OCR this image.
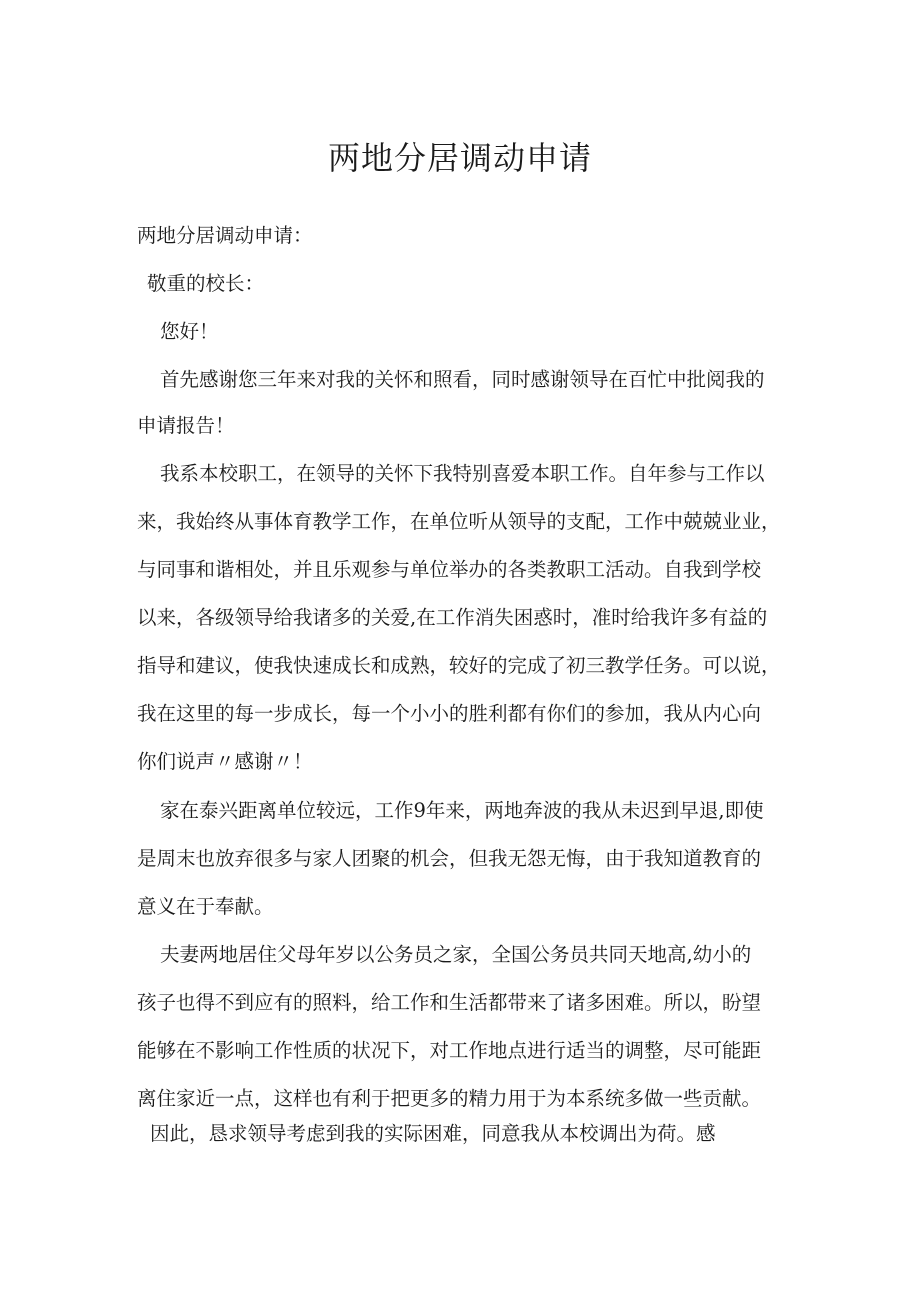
两地分居调动申请
两地分居调动申请：
敬重的校长：
您好！
首先感谢您三年来对我的关怀和照看，同时感谢领导在百忙中批阅我的
申请报告！
我系本校职工，在领导的关怀下我特别喜爱本职工作。自年参与工作以
来，我始终从事体育教学工作，在单位听从领导的支配，工作中兢兢业业，
与同事和谐相处，并且乐观参与单位举办的各类教职工活动。自我到学校
以来，各级领导给我诸多的关爱,在工作消失困惑时，准时给我许多有益的
指导和建议，使我快速成长和成熟，较好的完成了初三教学任务。可以说，
我在这里的每一步成长，每一个小小的胜利都有你们的参加，我从内心向
你们说声〃感谢〃！
家在泰兴距离单位较远，工作9年来，两地奔波的我从未迟到早退,即使
是周末也放弃很多与家人团聚的机会，但我无怨无悔，由于我知道教育的
意义在于奉献。
夫妻两地居住父母年岁以公务员之家，全国公务员共同天地高,幼小的
孩子也得不到应有的照料，给工作和生活都带来了诸多困难。所以，盼望
能够在不影响工作性质的状况下，对工作地点进行适当的调整，尽可能距
离住家近一点，这样也有利于把更多的精力用于为本系统多做一些贡献。
因此，恳求领导考虑到我的实际困难，同意我从本校调出为荷。感
